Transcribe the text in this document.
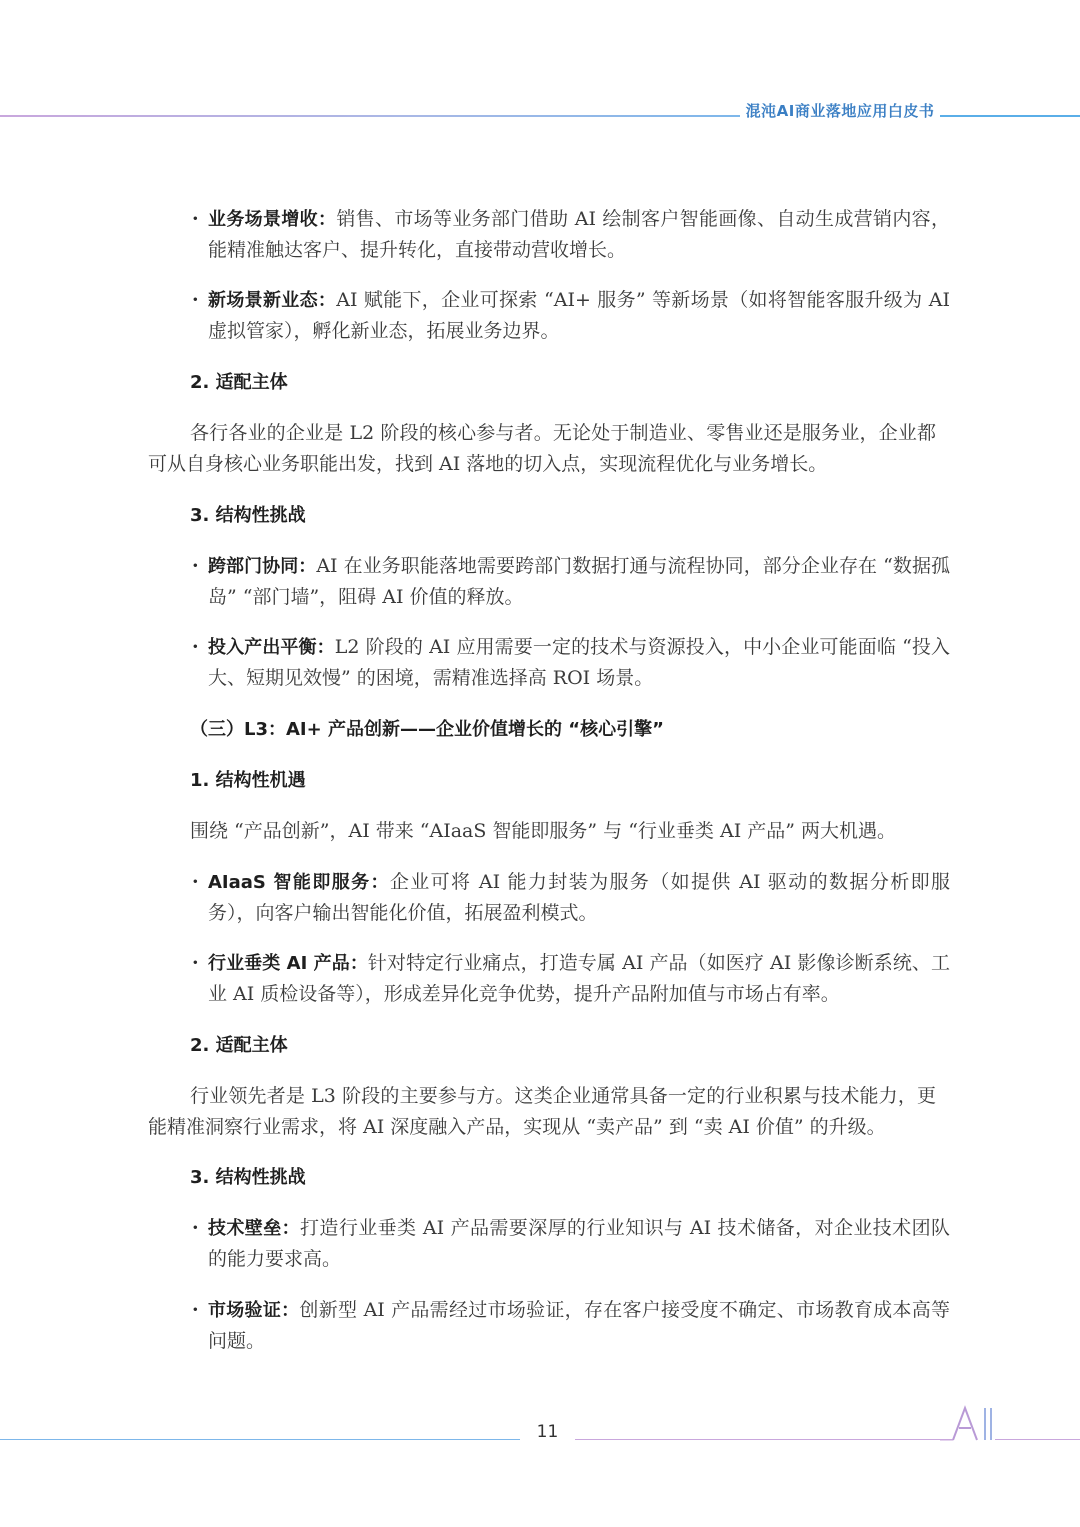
混沌AI商业落地应用白皮书
· 业务场景增收：销售、市场等业务部门借助 AI 绘制客户智能画像、自动生成营销内容，能精准触达客户、提升转化，直接带动营收增长。
· 新场景新业态：AI 赋能下，企业可探索 “AI+ 服务” 等新场景（如将智能客服升级为 AI 虚拟管家），孵化新业态，拓展业务边界。
2. 适配主体
各行各业的企业是 L2 阶段的核心参与者。无论处于制造业、零售业还是服务业，企业都可从自身核心业务职能出发，找到 AI 落地的切入点，实现流程优化与业务增长。
3. 结构性挑战
· 跨部门协同：AI 在业务职能落地需要跨部门数据打通与流程协同，部分企业存在 “数据孤岛” “部门墙”，阻碍 AI 价值的释放。
· 投入产出平衡：L2 阶段的 AI 应用需要一定的技术与资源投入，中小企业可能面临 “投入大、短期见效慢” 的困境，需精准选择高 ROI 场景。
（三）L3：AI+ 产品创新——企业价值增长的 “核心引擎”
1. 结构性机遇
围绕 “产品创新”，AI 带来 “AIaaS 智能即服务” 与 “行业垂类 AI 产品” 两大机遇。
· AIaaS 智能即服务：企业可将 AI 能力封装为服务（如提供 AI 驱动的数据分析即服务），向客户输出智能化价值，拓展盈利模式。
· 行业垂类 AI 产品：针对特定行业痛点，打造专属 AI 产品（如医疗 AI 影像诊断系统、工业 AI 质检设备等），形成差异化竞争优势，提升产品附加值与市场占有率。
2. 适配主体
行业领先者是 L3 阶段的主要参与方。这类企业通常具备一定的行业积累与技术能力，更能精准洞察行业需求，将 AI 深度融入产品，实现从 “卖产品” 到 “卖 AI 价值” 的升级。
3. 结构性挑战
· 技术壁垒：打造行业垂类 AI 产品需要深厚的行业知识与 AI 技术储备，对企业技术团队的能力要求高。
· 市场验证：创新型 AI 产品需经过市场验证，存在客户接受度不确定、市场教育成本高等问题。
11
